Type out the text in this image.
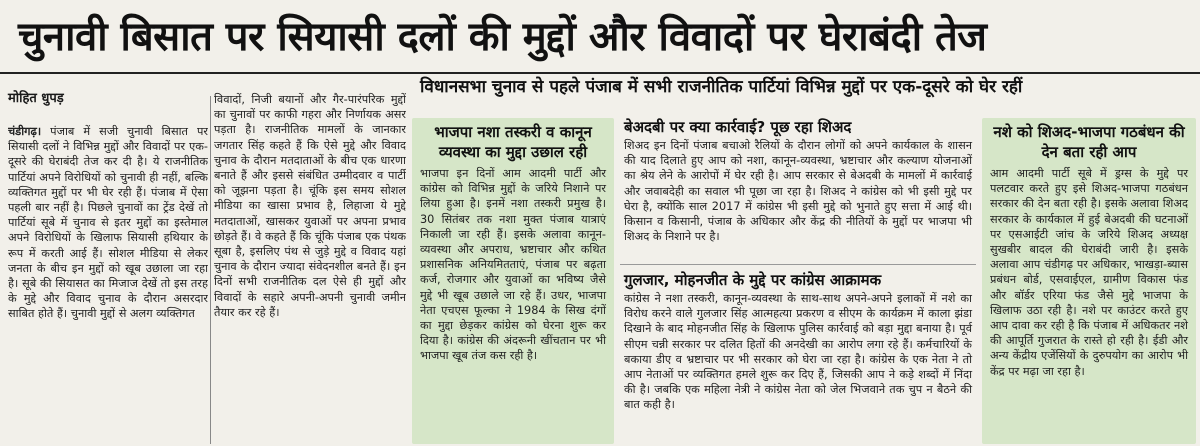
चुनावी बिसात पर सियासी दलों की मुद्दों और विवादों पर घेराबंदी तेज
मोहित धुपड़
विधानसभा चुनाव से पहले पंजाब में सभी राजनीतिक पार्टियां विभिन्न मुद्दों पर एक-दूसरे को घेर रहीं
चंडीगढ़। पंजाब में सजी चुनावी बिसात पर सियासी दलों ने विभिन्न मुद्दों और विवादों पर एक-दूसरे की घेराबंदी तेज कर दी है। ये राजनीतिक पार्टियां अपने विरोधियों को चुनावी ही नहीं, बल्कि व्यक्तिगत मुद्दों पर भी घेर रही हैं। पंजाब में ऐसा पहली बार नहीं है। पिछले चुनावों का ट्रेंड देखें तो पार्टियां सूबे में चुनाव से इतर मुद्दों का इस्तेमाल अपने विरोधियों के खिलाफ सियासी हथियार के रूप में करती आई हैं। सोशल मीडिया से लेकर जनता के बीच इन मुद्दों को खूब उछाला जा रहा है। सूबे की सियासत का मिजाज देखें तो इस तरह के मुद्दे और विवाद चुनाव के दौरान असरदार साबित होते हैं। चुनावी मुद्दों से अलग व्यक्तिगत
विवादों, निजी बयानों और गैर-पारंपरिक मुद्दों का चुनावों पर काफी गहरा और निर्णायक असर पड़ता है। राजनीतिक मामलों के जानकार जगतार सिंह कहते हैं कि ऐसे मुद्दे और विवाद चुनाव के दौरान मतदाताओं के बीच एक धारणा बनाते हैं और इससे संबंधित उम्मीदवार व पार्टी को जूझना पड़ता है। चूंकि इस समय सोशल मीडिया का खासा प्रभाव है, लिहाजा ये मुद्दे मतदाताओं, खासकर युवाओं पर अपना प्रभाव छोड़ते हैं। वे कहते हैं कि चूंकि पंजाब एक पंथक सूबा है, इसलिए पंथ से जुड़े मुद्दे व विवाद यहां चुनाव के दौरान ज्यादा संवेदनशील बनते हैं। इन दिनों सभी राजनीतिक दल ऐसे ही मुद्दों और विवादों के सहारे अपनी-अपनी चुनावी जमीन तैयार कर रहे हैं।
भाजपा नशा तस्करी व कानून व्यवस्था का मुद्दा उछाल रही
भाजपा इन दिनों आम आदमी पार्टी और कांग्रेस को विभिन्न मुद्दों के जरिये निशाने पर लिया हुआ है। इनमें नशा तस्करी प्रमुख है। 30 सितंबर तक नशा मुक्त पंजाब यात्राएं निकाली जा रही हैं। इसके अलावा कानून-व्यवस्था और अपराध, भ्रष्टाचार और कथित प्रशासनिक अनियमितताएं, पंजाब पर बढ़ता कर्ज, रोजगार और युवाओं का भविष्य जैसे मुद्दे भी खूब उछाले जा रहे हैं। उधर, भाजपा नेता एचएस फूल्का ने 1984 के सिख दंगों का मुद्दा छेड़कर कांग्रेस को घेरना शुरू कर दिया है। कांग्रेस की अंदरूनी खींचतान पर भी भाजपा खूब तंज कस रही है।
बेअदबी पर क्या कार्रवाई? पूछ रहा शिअद
शिअद इन दिनों पंजाब बचाओ रैलियों के दौरान लोगों को अपने कार्यकाल के शासन की याद दिलाते हुए आप को नशा, कानून-व्यवस्था, भ्रष्टाचार और कल्याण योजनाओं का श्रेय लेने के आरोपों में घेर रही है। आप सरकार से बेअदबी के मामलों में कार्रवाई और जवाबदेही का सवाल भी पूछा जा रहा है। शिअद ने कांग्रेस को भी इसी मुद्दे पर घेरा है, क्योंकि साल 2017 में कांग्रेस भी इसी मुद्दे को भुनाते हुए सत्ता में आई थी। किसान व किसानी, पंजाब के अधिकार और केंद्र की नीतियों के मुद्दों पर भाजपा भी शिअद के निशाने पर है।
गुलजार, मोहनजीत के मुद्दे पर कांग्रेस आक्रामक
कांग्रेस ने नशा तस्करी, कानून-व्यवस्था के साथ-साथ अपने-अपने इलाकों में नशे का विरोध करने वाले गुलजार सिंह आत्महत्या प्रकरण व सीएम के कार्यक्रम में काला झंडा दिखाने के बाद मोहनजीत सिंह के खिलाफ पुलिस कार्रवाई को बड़ा मुद्दा बनाया है। पूर्व सीएम चन्नी सरकार पर दलित हितों की अनदेखी का आरोप लगा रहे हैं। कर्मचारियों के बकाया डीए व भ्रष्टाचार पर भी सरकार को घेरा जा रहा है। कांग्रेस के एक नेता ने तो आप नेताओं पर व्यक्तिगत हमले शुरू कर दिए हैं, जिसकी आप ने कड़े शब्दों में निंदा की है। जबकि एक महिला नेत्री ने कांग्रेस नेता को जेल भिजवाने तक चुप न बैठने की बात कही है।
नशे को शिअद-भाजपा गठबंधन की देन बता रही आप
आम आदमी पार्टी सूबे में ड्रग्स के मुद्दे पर पलटवार करते हुए इसे शिअद-भाजपा गठबंधन सरकार की देन बता रही है। इसके अलावा शिअद सरकार के कार्यकाल में हुई बेअदबी की घटनाओं पर एसआईटी जांच के जरिये शिअद अध्यक्ष सुखबीर बादल की घेराबंदी जारी है। इसके अलावा आप चंडीगढ़ पर अधिकार, भाखड़ा-ब्यास प्रबंधन बोर्ड, एसवाईएल, ग्रामीण विकास फंड और बॉर्डर एरिया फंड जैसे मुद्दे भाजपा के खिलाफ उठा रही है। नशे पर काउंटर करते हुए आप दावा कर रही है कि पंजाब में अधिकतर नशे की आपूर्ति गुजरात के रास्ते हो रही है। ईडी और अन्य केंद्रीय एजेंसियों के दुरुपयोग का आरोप भी केंद्र पर मढ़ा जा रहा है।
